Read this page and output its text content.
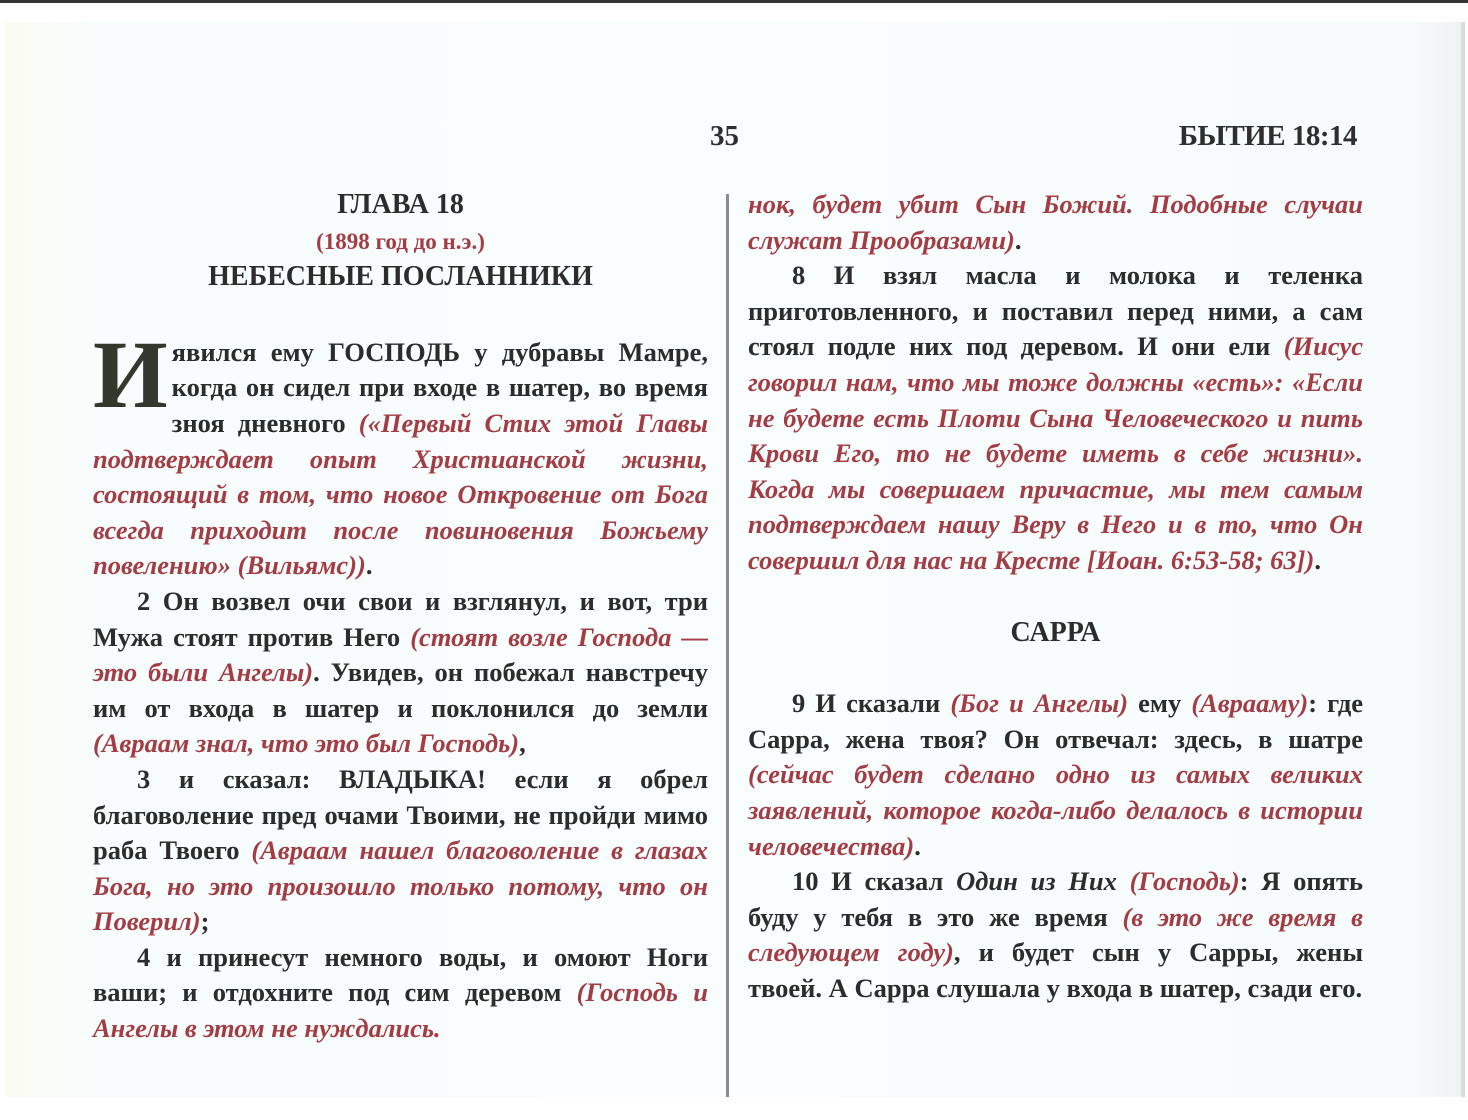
35	БЫТИЕ 18:14

ГЛАВА 18

(1898 год до н.э.)

НЕБЕСНЫЕ ПОСЛАННИКИ

И явился ему ГОСПОДЬ у дубравы Мамре, когда он сидел при входе в шатер, во время зноя дневного («Первый Стих этой Главы подтверждает опыт Христианской жизни, состоящий в том, что новое Откровение от Бога всегда приходит после повиновения Божьему повелению» (Вильямс)).

2 Он возвел очи свои и взглянул, и вот, три Мужа стоят против Него (стоят возле Господа — это были Ангелы). Увидев, он побежал навстречу им от входа в шатер и поклонился до земли (Авраам знал, что это был Господь),

3 и сказал: ВЛАДЫКА! если я обрел благоволение пред очами Твоими, не пройди мимо раба Твоего (Авраам нашел благоволение в глазах Бога, но это произошло только потому, что он Поверил);

4 и принесут немного воды, и омоют Ноги ваши; и отдохните под сим деревом (Господь и Ангелы в этом не нуждались.

нок, будет убит Сын Божий. Подобные случаи служат Прообразами).

8 И взял масла и молока и теленка приготовленного, и поставил перед ними, а сам стоял подле них под деревом. И они ели (Иисус говорил нам, что мы тоже должны «есть»: «Если не будете есть Плоти Сына Человеческого и пить Крови Его, то не будете иметь в себе жизни». Когда мы совершаем причастие, мы тем самым подтверждаем нашу Веру в Него и в то, что Он совершил для нас на Кресте [Иоан. 6:53-58; 63]).

САРРА

9 И сказали (Бог и Ангелы) ему (Аврааму): где Сарра, жена твоя? Он отвечал: здесь, в шатре (сейчас будет сделано одно из самых великих заявлений, которое когда-либо делалось в истории человечества).

10 И сказал Один из Них (Господь): Я опять буду у тебя в это же время (в это же время в следующем году), и будет сын у Сарры, жены твоей. А Сарра слушала у входа в шатер, сзади его.
